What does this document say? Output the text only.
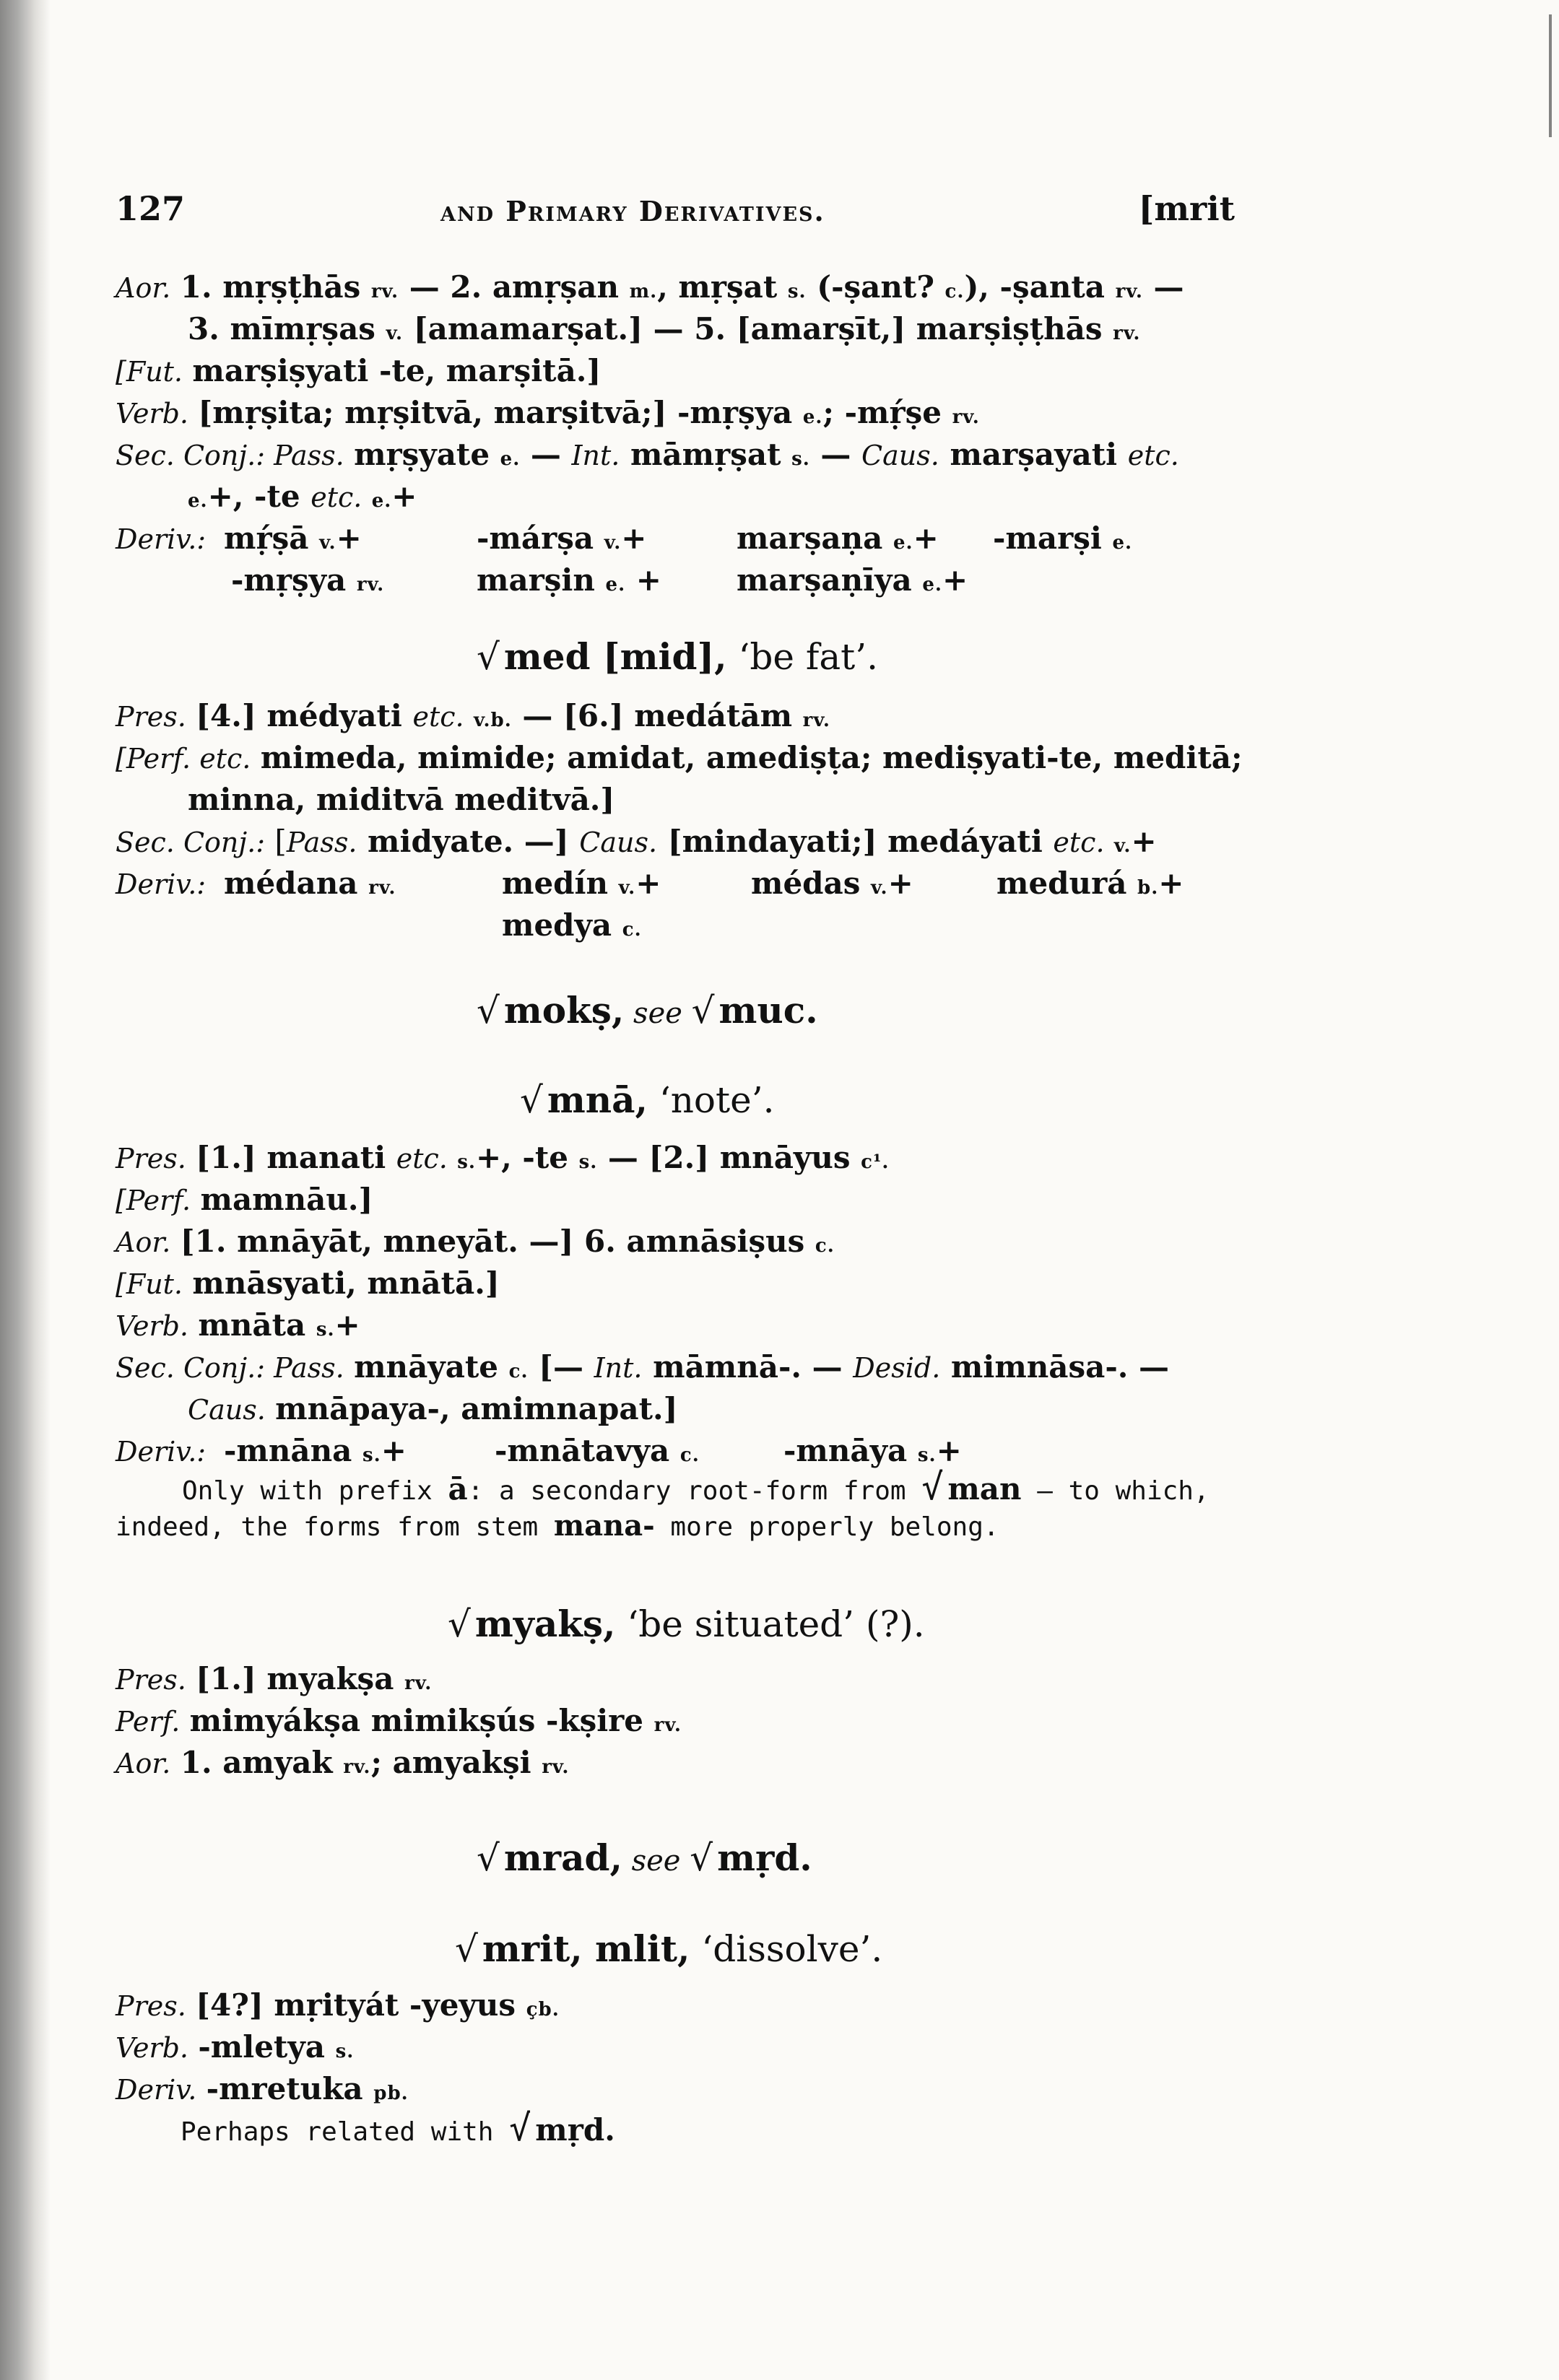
127	and Primary Derivatives.	[mrit
Aor. 1. mṛṣṭhās rv. — 2. amṛṣan m., mṛṣat s. (-ṣant? c.), -ṣanta rv. —
3. mīmṛṣas v. [amamarṣat.] — 5. [amarṣīt,] marṣiṣṭhās rv.
[Fut. marṣiṣyati -te, marṣitā.]
Verb. [mṛṣita; mṛṣitvā, marṣitvā;] -mṛṣya e.; -mṛ́ṣe rv.
Sec. Conj.: Pass. mṛṣyate e. — Int. māmṛṣat s. — Caus. marṣayati etc.
e.+, -te etc. e.+
Deriv.: mṛ́ṣā v.+	-márṣa v.+	marṣaṇa e.+ -marṣi e.
-mṛṣya rv.	marṣin e. + marṣaṇīya e.+
√ med [mid], ‘be fat’.
Pres. [4.] médyati etc. v.b. — [6.] medátām rv.
[Perf. etc. mimeda, mimide; amidat, amediṣṭa; mediṣyati-te, meditā;
minna, miditvā meditvā.]
Sec. Conj.: [Pass. midyate. —] Caus. [mindayati;] medáyati etc. v.+
Deriv.: médana rv.	medín v.+	médas v.+	medurá b.+
medya c.
√ mokṣ, see √ muc.
√ mnā, ‘note’.
Pres. [1.] manati etc. s.+, -te s. — [2.] mnāyus c¹.
[Perf. mamnāu.]
Aor. [1. mnāyāt, mneyāt. —] 6. amnāsiṣus c.
[Fut. mnāsyati, mnātā.]
Verb. mnāta s.+
Sec. Conj.: Pass. mnāyate c. [— Int. māmnā-. — Desid. mimnāsa-. —
Caus. mnāpaya-, amimnapat.]
Deriv.: -mnāna s.+	-mnātavya c.	-mnāya s.+
Only with prefix ā: a secondary root-form from √ man — to which,
indeed, the forms from stem mana- more properly belong.
√ myakṣ, ‘be situated’ (?).
Pres. [1.] myakṣa rv.
Perf. mimyákṣa mimikṣús -kṣire rv.
Aor. 1. amyak rv.; amyakṣi rv.
√ mrad, see √ mṛd.
√ mrit, mlit, ‘dissolve’.
Pres. [4?] mṛityát -yeyus çb.
Verb. -mletya s.
Deriv. -mretuka pb.
Perhaps related with √ mṛd.
